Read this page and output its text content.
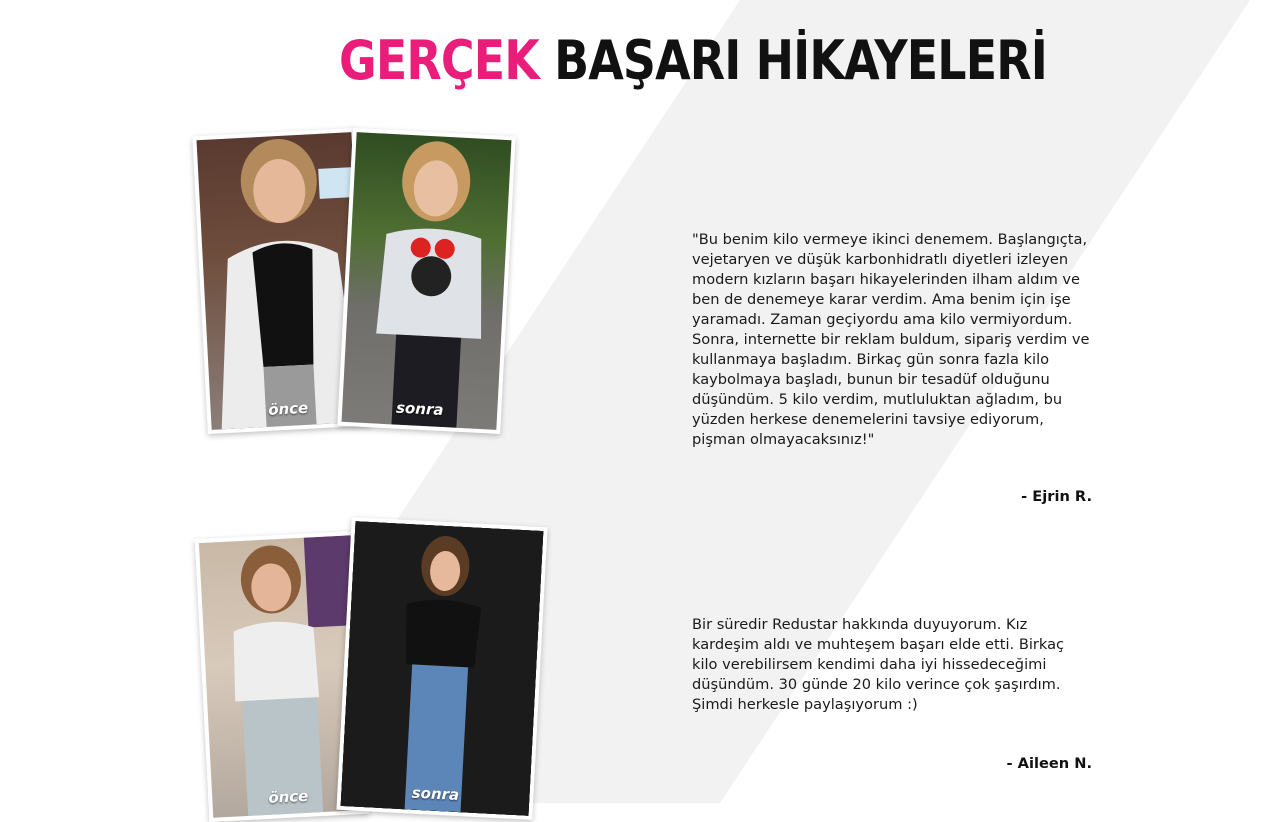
GERÇEK BAŞARI HİKAYELERİ
önce	sonra
"Bu benim kilo vermeye ikinci denemem. Başlangıçta, vejetaryen ve düşük karbonhidratlı diyetleri izleyen modern kızların başarı hikayelerinden ilham aldım ve ben de denemeye karar verdim. Ama benim için işe yaramadı. Zaman geçiyordu ama kilo vermiyordum. Sonra, internette bir reklam buldum, sipariş verdim ve kullanmaya başladım. Birkaç gün sonra fazla kilo kaybolmaya başladı, bunun bir tesadüf olduğunu düşündüm. 5 kilo verdim, mutluluktan ağladım, bu yüzden herkese denemelerini tavsiye ediyorum, pişman olmayacaksınız!"
- Ejrin R.
önce	sonra
Bir süredir Redustar hakkında duyuyorum. Kız kardeşim aldı ve muhteşem başarı elde etti. Birkaç kilo verebilirsem kendimi daha iyi hissedeceğimi düşündüm. 30 günde 20 kilo verince çok şaşırdım. Şimdi herkesle paylaşıyorum :)
- Aileen N.
